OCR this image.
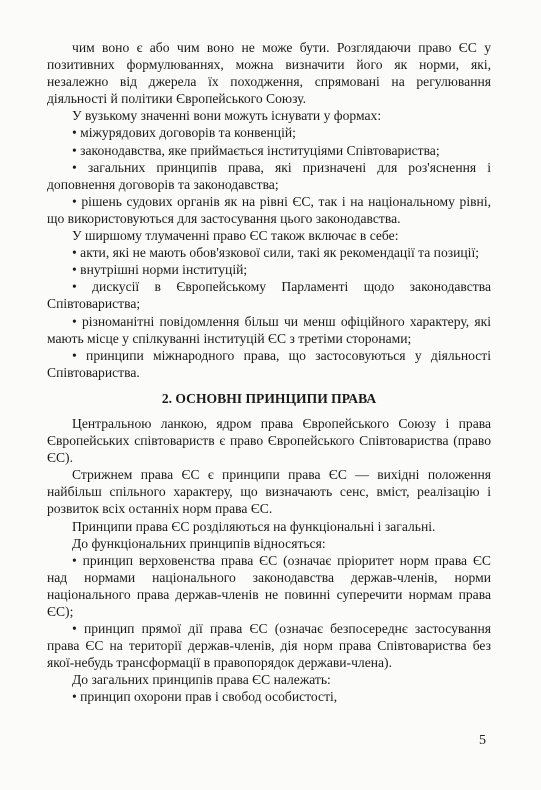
чим воно є або чим воно не може бути. Розглядаючи право ЄС у позитивних формулюваннях, можна визначити його як норми, які, незалежно від джерела їх походження, спрямовані на регулювання діяльності й політики Європейського Союзу.

У вузькому значенні вони можуть існувати у формах:

• міжурядових договорів та конвенцій;

• законодавства, яке приймається інституціями Співтовариства;

• загальних принципів права, які призначені для роз'яснення і доповнення договорів та законодавства;

• рішень судових органів як на рівні ЄС, так і на національному рівні, що використовуються для застосування цього законодавства.

У ширшому тлумаченні право ЄС також включає в себе:

• акти, які не мають обов'язкової сили, такі як рекомендації та позиції;

• внутрішні норми інституцій;

• дискусії в Європейському Парламенті щодо законодавства Співтовариства;

• різноманітні повідомлення більш чи менш офіційного характеру, які мають місце у спілкуванні інституцій ЄС з третіми сторонами;

• принципи міжнародного права, що застосовуються у діяльності Співтовариства.

2. ОСНОВНІ ПРИНЦИПИ ПРАВА

Центральною ланкою, ядром права Європейського Союзу і права Європейських співтовариств є право Європейського Співтовариства (право ЄС).

Стрижнем права ЄС є принципи права ЄС — вихідні положення найбільш спільного характеру, що визначають сенс, вміст, реалізацію і розвиток всіх останніх норм права ЄС.

Принципи права ЄС розділяються на функціональні і загальні.

До функціональних принципів відносяться:

• принцип верховенства права ЄС (означає пріоритет норм права ЄС над нормами національного законодавства держав-членів, норми національного права держав-членів не повинні суперечити нормам права ЄС);

• принцип прямої дії права ЄС (означає безпосереднє застосування права ЄС на території держав-членів, дія норм права Співтовариства без якої-небудь трансформації в правопорядок держави-члена).

До загальних принципів права ЄС належать:

• принцип охорони прав і свобод особистості,

5
